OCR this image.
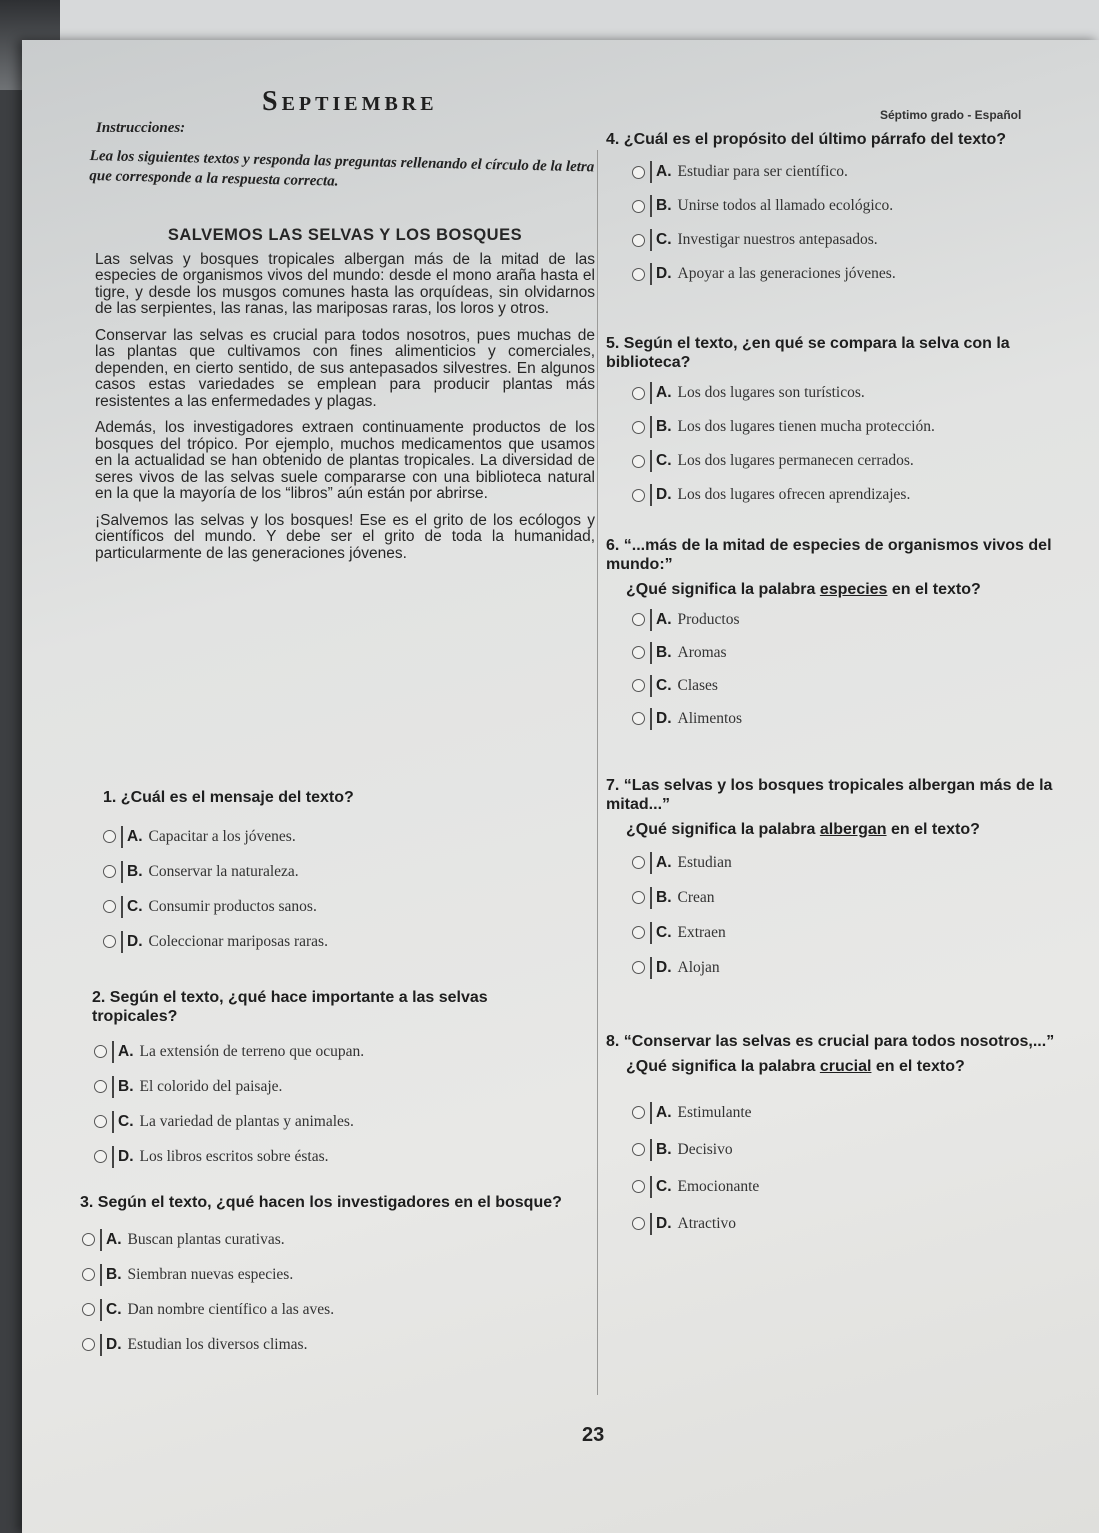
Septiembre	Séptimo grado - Español
Instrucciones:
Lea los siguientes textos y responda las preguntas rellenando el círculo de la letra que corresponde a la respuesta correcta.
SALVEMOS LAS SELVAS Y LOS BOSQUES

Las selvas y bosques tropicales albergan más de la mitad de las especies de organismos vivos del mundo: desde el mono araña hasta el tigre, y desde los musgos comunes hasta las orquídeas, sin olvidarnos de las serpientes, las ranas, las mariposas raras, los loros y otros.

Conservar las selvas es crucial para todos nosotros, pues muchas de las plantas que cultivamos con fines alimenticios y comerciales, dependen, en cierto sentido, de sus antepasados silvestres. En algunos casos estas variedades se emplean para producir plantas más resistentes a las enfermedades y plagas.

Además, los investigadores extraen continuamente productos de los bosques del trópico. Por ejemplo, muchos medicamentos que usamos en la actualidad se han obtenido de plantas tropicales. La diversidad de seres vivos de las selvas suele compararse con una biblioteca natural en la que la mayoría de los “libros” aún están por abrirse.

¡Salvemos las selvas y los bosques! Ese es el grito de los ecólogos y científicos del mundo. Y debe ser el grito de toda la humanidad, particularmente de las generaciones jóvenes.

1. ¿Cuál es el mensaje del texto?
A. Capacitar a los jóvenes.
B. Conservar la naturaleza.
C. Consumir productos sanos.
D. Coleccionar mariposas raras.
2. Según el texto, ¿qué hace importante a las selvas tropicales?
A. La extensión de terreno que ocupan.
B. El colorido del paisaje.
C. La variedad de plantas y animales.
D. Los libros escritos sobre éstas.
3. Según el texto, ¿qué hacen los investigadores en el bosque?
A. Buscan plantas curativas.
B. Siembran nuevas especies.
C. Dan nombre científico a las aves.
D. Estudian los diversos climas.
4. ¿Cuál es el propósito del último párrafo del texto?
A. Estudiar para ser científico.
B. Unirse todos al llamado ecológico.
C. Investigar nuestros antepasados.
D. Apoyar a las generaciones jóvenes.
5. Según el texto, ¿en qué se compara la selva con la biblioteca?
A. Los dos lugares son turísticos.
B. Los dos lugares tienen mucha protección.
C. Los dos lugares permanecen cerrados.
D. Los dos lugares ofrecen aprendizajes.
6. “...más de la mitad de especies de organismos vivos del mundo:”
¿Qué significa la palabra especies en el texto?
A. Productos
B. Aromas
C. Clases
D. Alimentos
7. “Las selvas y los bosques tropicales albergan más de la mitad...”
¿Qué significa la palabra albergan en el texto?
A. Estudian
B. Crean
C. Extraen
D. Alojan
8. “Conservar las selvas es crucial para todos nosotros,...”
¿Qué significa la palabra crucial en el texto?
A. Estimulante
B. Decisivo
C. Emocionante
D. Atractivo
23
